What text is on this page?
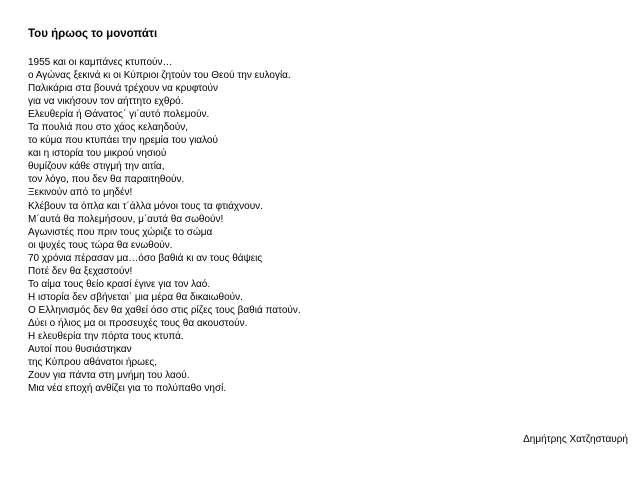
Του ήρωος το μονοπάτι
1955 και οι καμπάνες κτυπούν…
ο Αγώνας ξεκινά κι οι Κύπριοι ζητούν του Θεού την ευλογία.
Παλικάρια στα βουνά τρέχουν να κρυφτούν
για να νικήσουν τον αήττητο εχθρό.
Ελευθερία ή Θάνατος΄ γι΄αυτό πολεμούν.
Τα πουλιά που στο χάος κελαηδούν,
το κύμα που κτυπάει την ηρεμία του γιαλού
και η ιστορία του μικρού νησιού
θυμίζουν κάθε στιγμή την αιτία,
τον λόγο, που δεν θα παραιτηθούν.
Ξεκινούν από το μηδέν!
Κλέβουν τα όπλα και τ΄άλλα μόνοι τους τα φτιάχνουν.
Μ΄αυτά θα πολεμήσουν, μ΄αυτά θα σωθούν!
Αγωνιστές που πριν τους χώριζε το σώμα
οι ψυχές τους τώρα θα ενωθούν.
70 χρόνια πέρασαν μα…όσο βαθιά κι αν τους θάψεις
Ποτέ δεν θα ξεχαστούν!
Το αίμα τους θείο κρασί έγινε για τον λαό.
Η ιστορία δεν σβήνεται΄ μια μέρα θα δικαιωθούν.
Ο Ελληνισμός δεν θα χαθεί όσο στις ρίζες τους βαθιά πατούν.
Δύει ο ήλιος μα οι προσευχές τους θα ακουστούν.
Η ελευθερία την πόρτα τους κτυπά.
Αυτοί που θυσιάστηκαν
της Κύπρου αθάνατοι ήρωες,
Ζουν για πάντα στη μνήμη του λαού.
Μια νέα εποχή ανθίζει για το πολύπαθο νησί.
Δημήτρης Χατζησταυρή
